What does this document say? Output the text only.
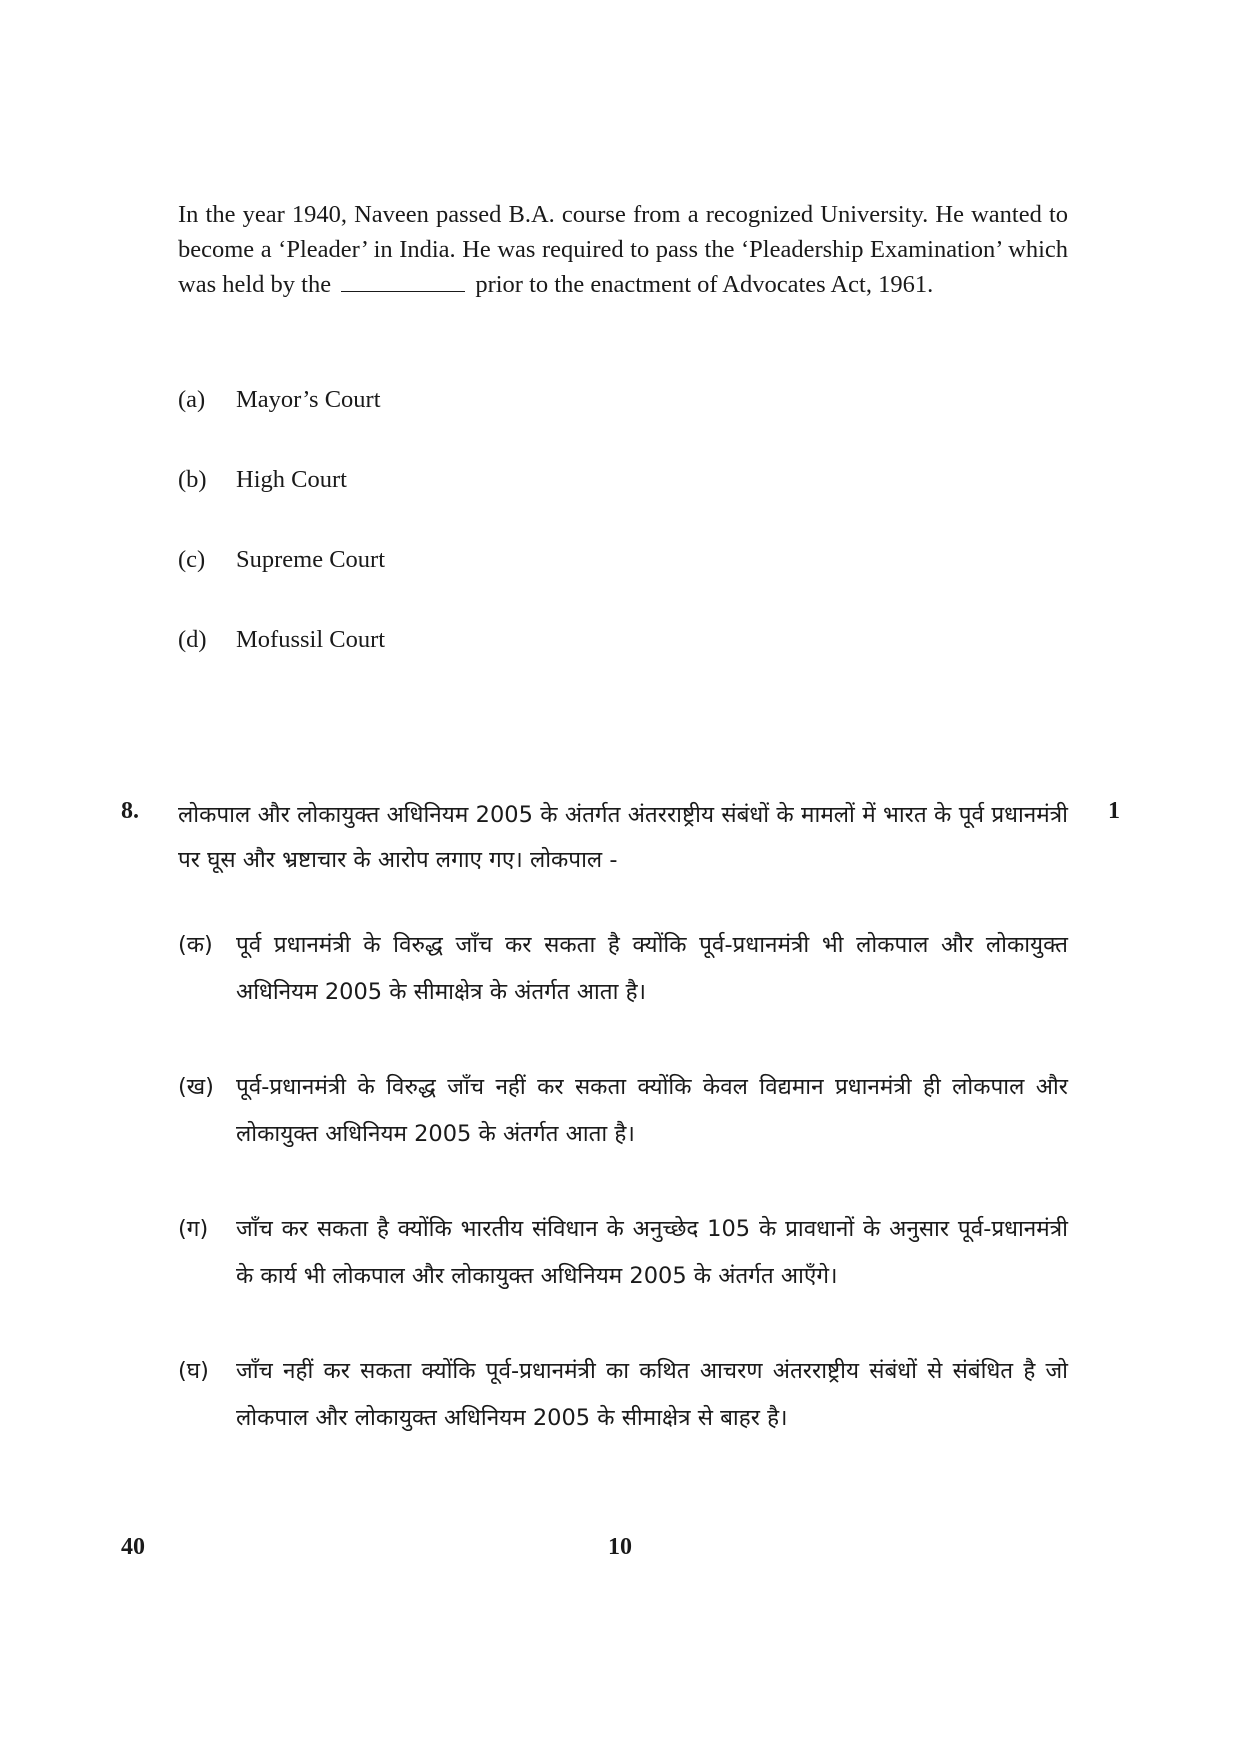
In the year 1940, Naveen passed B.A. course from a recognized University. He wanted to become a ‘Pleader’ in India. He was required to pass the ‘Pleadership Examination’ which was held by the	prior to the enactment of Advocates Act, 1961.

(a) Mayor’s Court
(b) High Court
(c) Supreme Court
(d) Mofussil Court
8. लोकपाल और लोकायुक्त अधिनियम 2005 के अंतर्गत अंतरराष्ट्रीय संबंधों के मामलों में भारत के पूर्व प्रधानमंत्री पर घूस और भ्रष्टाचार के आरोप लगाए गए। लोकपाल -

1

(क) पूर्व प्रधानमंत्री के विरुद्ध जाँच कर सकता है क्योंकि पूर्व-प्रधानमंत्री भी लोकपाल और लोकायुक्त अधिनियम 2005 के सीमाक्षेत्र के अंतर्गत आता है।

(ख) पूर्व-प्रधानमंत्री के विरुद्ध जाँच नहीं कर सकता क्योंकि केवल विद्यमान प्रधानमंत्री ही लोकपाल और लोकायुक्त अधिनियम 2005 के अंतर्गत आता है।

(ग) जाँच कर सकता है क्योंकि भारतीय संविधान के अनुच्छेद 105 के प्रावधानों के अनुसार पूर्व-प्रधानमंत्री के कार्य भी लोकपाल और लोकायुक्त अधिनियम 2005 के अंतर्गत आएँगे।

(घ) जाँच नहीं कर सकता क्योंकि पूर्व-प्रधानमंत्री का कथित आचरण अंतरराष्ट्रीय संबंधों से संबंधित है जो लोकपाल और लोकायुक्त अधिनियम 2005 के सीमाक्षेत्र से बाहर है।

40	10
